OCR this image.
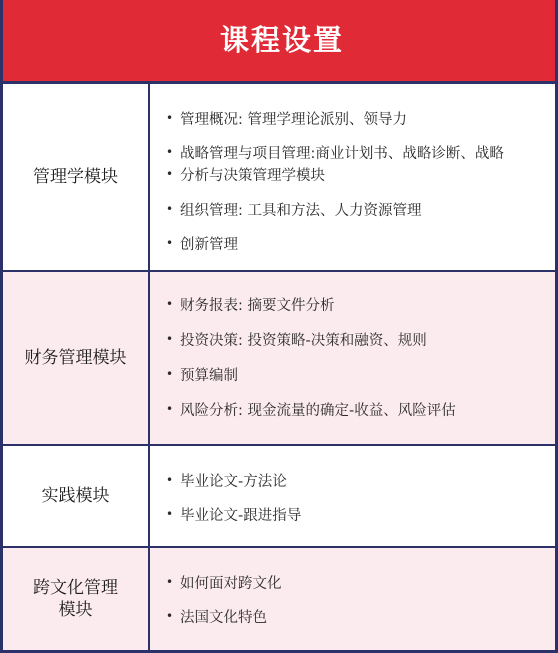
课程设置
管理学模块
• 管理概况: 管理学理论派别、领导力
• 战略管理与项目管理:商业计划书、战略诊断、战略
• 分析与决策管理学模块
• 组织管理: 工具和方法、人力资源管理
• 创新管理
财务管理模块
• 财务报表: 摘要文件分析
• 投资决策: 投资策略-决策和融资、规则
• 预算编制
• 风险分析: 现金流量的确定-收益、风险评估
实践模块
• 毕业论文-方法论
• 毕业论文-跟进指导
跨文化管理
模块
• 如何面对跨文化
• 法国文化特色
